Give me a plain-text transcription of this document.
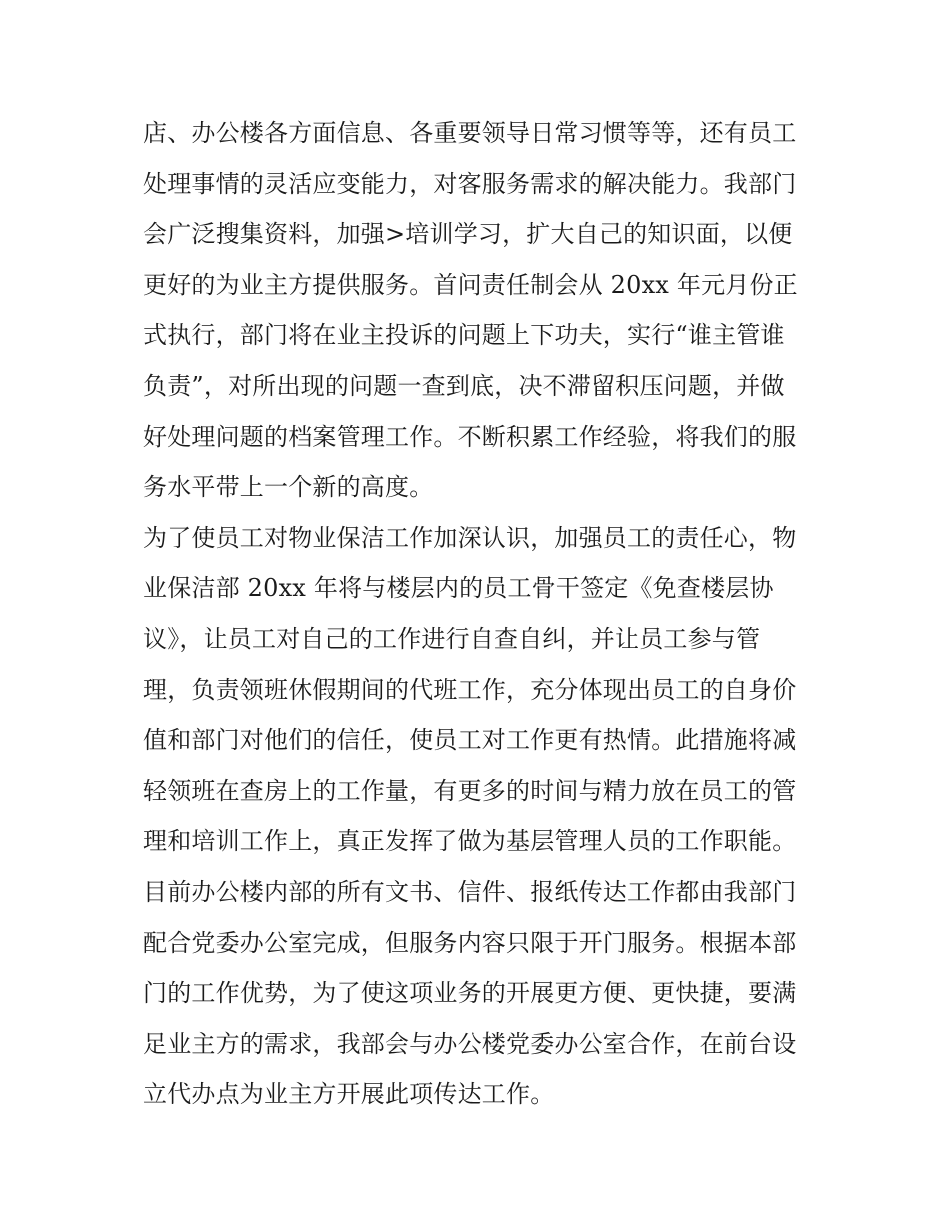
店、办公楼各方面信息、各重要领导日常习惯等等，还有员工
处理事情的灵活应变能力，对客服务需求的解决能力。我部门
会广泛搜集资料，加强>培训学习，扩大自己的知识面，以便
更好的为业主方提供服务。首问责任制会从 20xx 年元月份正
式执行，部门将在业主投诉的问题上下功夫，实行“谁主管谁
负责”，对所出现的问题一查到底，决不滞留积压问题，并做
好处理问题的档案管理工作。不断积累工作经验，将我们的服
务水平带上一个新的高度。
为了使员工对物业保洁工作加深认识，加强员工的责任心，物
业保洁部 20xx 年将与楼层内的员工骨干签定《免查楼层协
议》，让员工对自己的工作进行自查自纠，并让员工参与管
理，负责领班休假期间的代班工作，充分体现出员工的自身价
值和部门对他们的信任，使员工对工作更有热情。此措施将减
轻领班在查房上的工作量，有更多的时间与精力放在员工的管
理和培训工作上，真正发挥了做为基层管理人员的工作职能。
目前办公楼内部的所有文书、信件、报纸传达工作都由我部门
配合党委办公室完成，但服务内容只限于开门服务。根据本部
门的工作优势，为了使这项业务的开展更方便、更快捷，要满
足业主方的需求，我部会与办公楼党委办公室合作，在前台设
立代办点为业主方开展此项传达工作。
